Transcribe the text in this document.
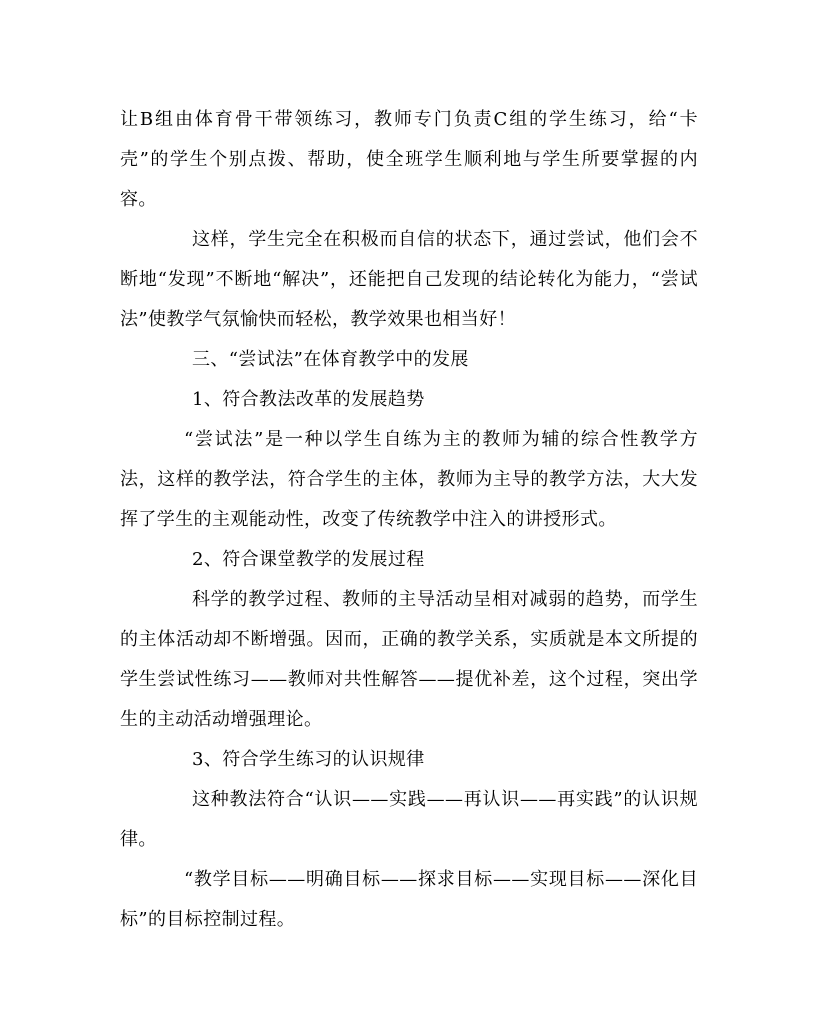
让B组由体育骨干带领练习，教师专门负责C组的学生练习，给“卡壳”的学生个别点拨、帮助，使全班学生顺利地与学生所要掌握的内容。

这样，学生完全在积极而自信的状态下，通过尝试，他们会不断地“发现”不断地“解决”，还能把自己发现的结论转化为能力，“尝试法”使教学气氛愉快而轻松，教学效果也相当好！

三、“尝试法”在体育教学中的发展

1、符合教法改革的发展趋势

“尝试法”是一种以学生自练为主的教师为辅的综合性教学方法，这样的教学法，符合学生的主体，教师为主导的教学方法，大大发挥了学生的主观能动性，改变了传统教学中注入的讲授形式。

2、符合课堂教学的发展过程

科学的教学过程、教师的主导活动呈相对减弱的趋势，而学生的主体活动却不断增强。因而，正确的教学关系，实质就是本文所提的学生尝试性练习——教师对共性解答——提优补差，这个过程，突出学生的主动活动增强理论。

3、符合学生练习的认识规律

这种教法符合“认识——实践——再认识——再实践”的认识规律。

“教学目标——明确目标——探求目标——实现目标——深化目标”的目标控制过程。
